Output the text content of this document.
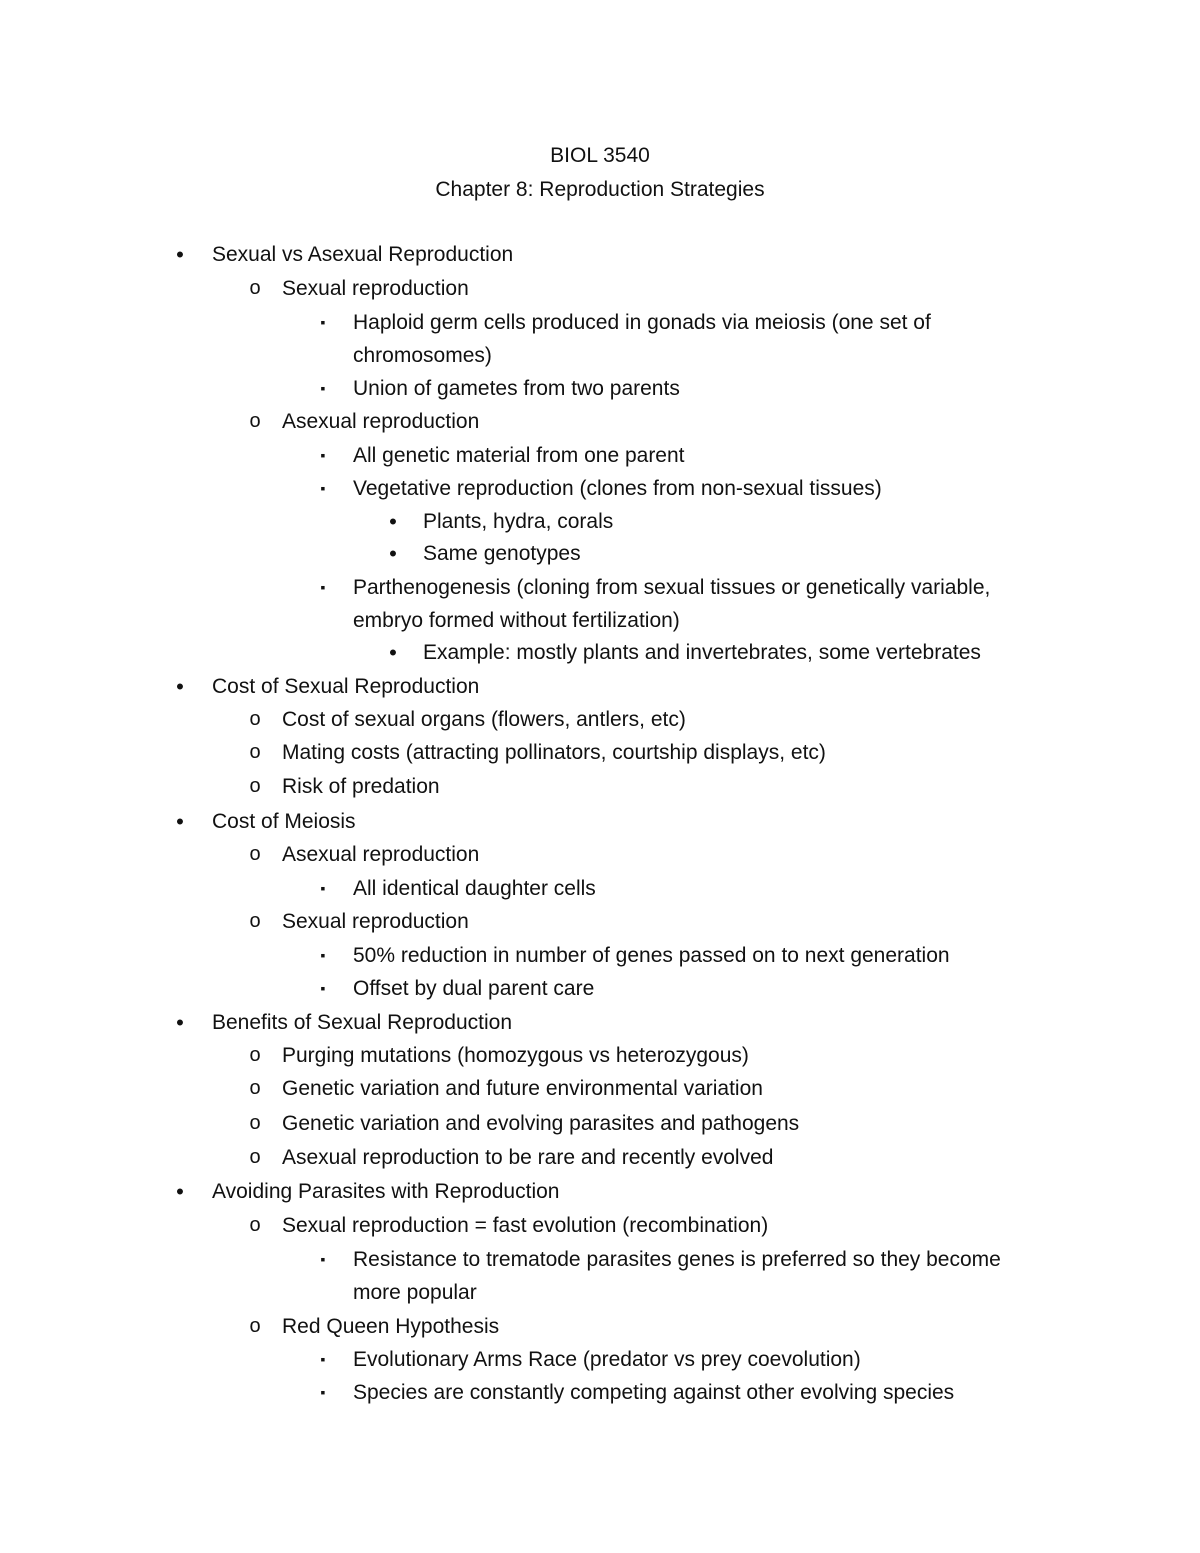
BIOL 3540
Chapter 8: Reproduction Strategies
•	Sexual vs Asexual Reproduction
o	Sexual reproduction
▪	Haploid germ cells produced in gonads via meiosis (one set of
chromosomes)
▪	Union of gametes from two parents
o	Asexual reproduction
▪	All genetic material from one parent
▪	Vegetative reproduction (clones from non-sexual tissues)
•	Plants, hydra, corals
•	Same genotypes
▪	Parthenogenesis (cloning from sexual tissues or genetically variable,
embryo formed without fertilization)
•	Example: mostly plants and invertebrates, some vertebrates
•	Cost of Sexual Reproduction
o	Cost of sexual organs (flowers, antlers, etc)
o	Mating costs (attracting pollinators, courtship displays, etc)
o	Risk of predation
•	Cost of Meiosis
o	Asexual reproduction
▪	All identical daughter cells
o	Sexual reproduction
▪	50% reduction in number of genes passed on to next generation
▪	Offset by dual parent care
•	Benefits of Sexual Reproduction
o	Purging mutations (homozygous vs heterozygous)
o	Genetic variation and future environmental variation
o	Genetic variation and evolving parasites and pathogens
o	Asexual reproduction to be rare and recently evolved
•	Avoiding Parasites with Reproduction
o	Sexual reproduction = fast evolution (recombination)
▪	Resistance to trematode parasites genes is preferred so they become
more popular
o	Red Queen Hypothesis
▪	Evolutionary Arms Race (predator vs prey coevolution)
▪	Species are constantly competing against other evolving species
